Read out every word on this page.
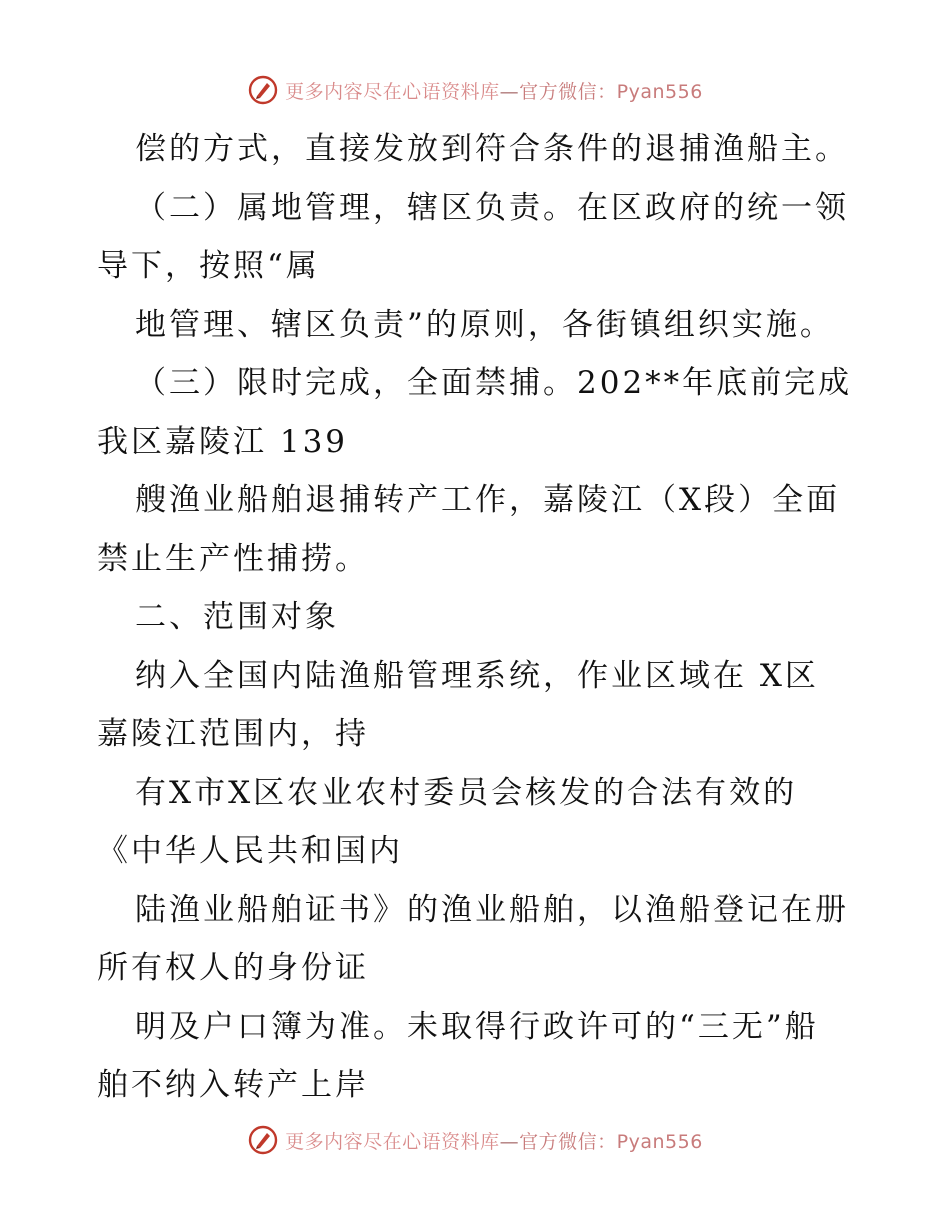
更多内容尽在心语资料库—官方微信：Pyan556
偿的方式，直接发放到符合条件的退捕渔船主。
（二）属地管理，辖区负责。在区政府的统一领
导下，按照“属
地管理、辖区负责”的原则，各街镇组织实施。
（三）限时完成，全面禁捕。202**年底前完成
我区嘉陵江 139
艘渔业船舶退捕转产工作，嘉陵江（X段）全面
禁止生产性捕捞。
二、范围对象
纳入全国内陆渔船管理系统，作业区域在 X区
嘉陵江范围内，持
有X市X区农业农村委员会核发的合法有效的
《中华人民共和国内
陆渔业船舶证书》的渔业船舶，以渔船登记在册
所有权人的身份证
明及户口簿为准。未取得行政许可的“三无”船
舶不纳入转产上岸
更多内容尽在心语资料库—官方微信：Pyan556
